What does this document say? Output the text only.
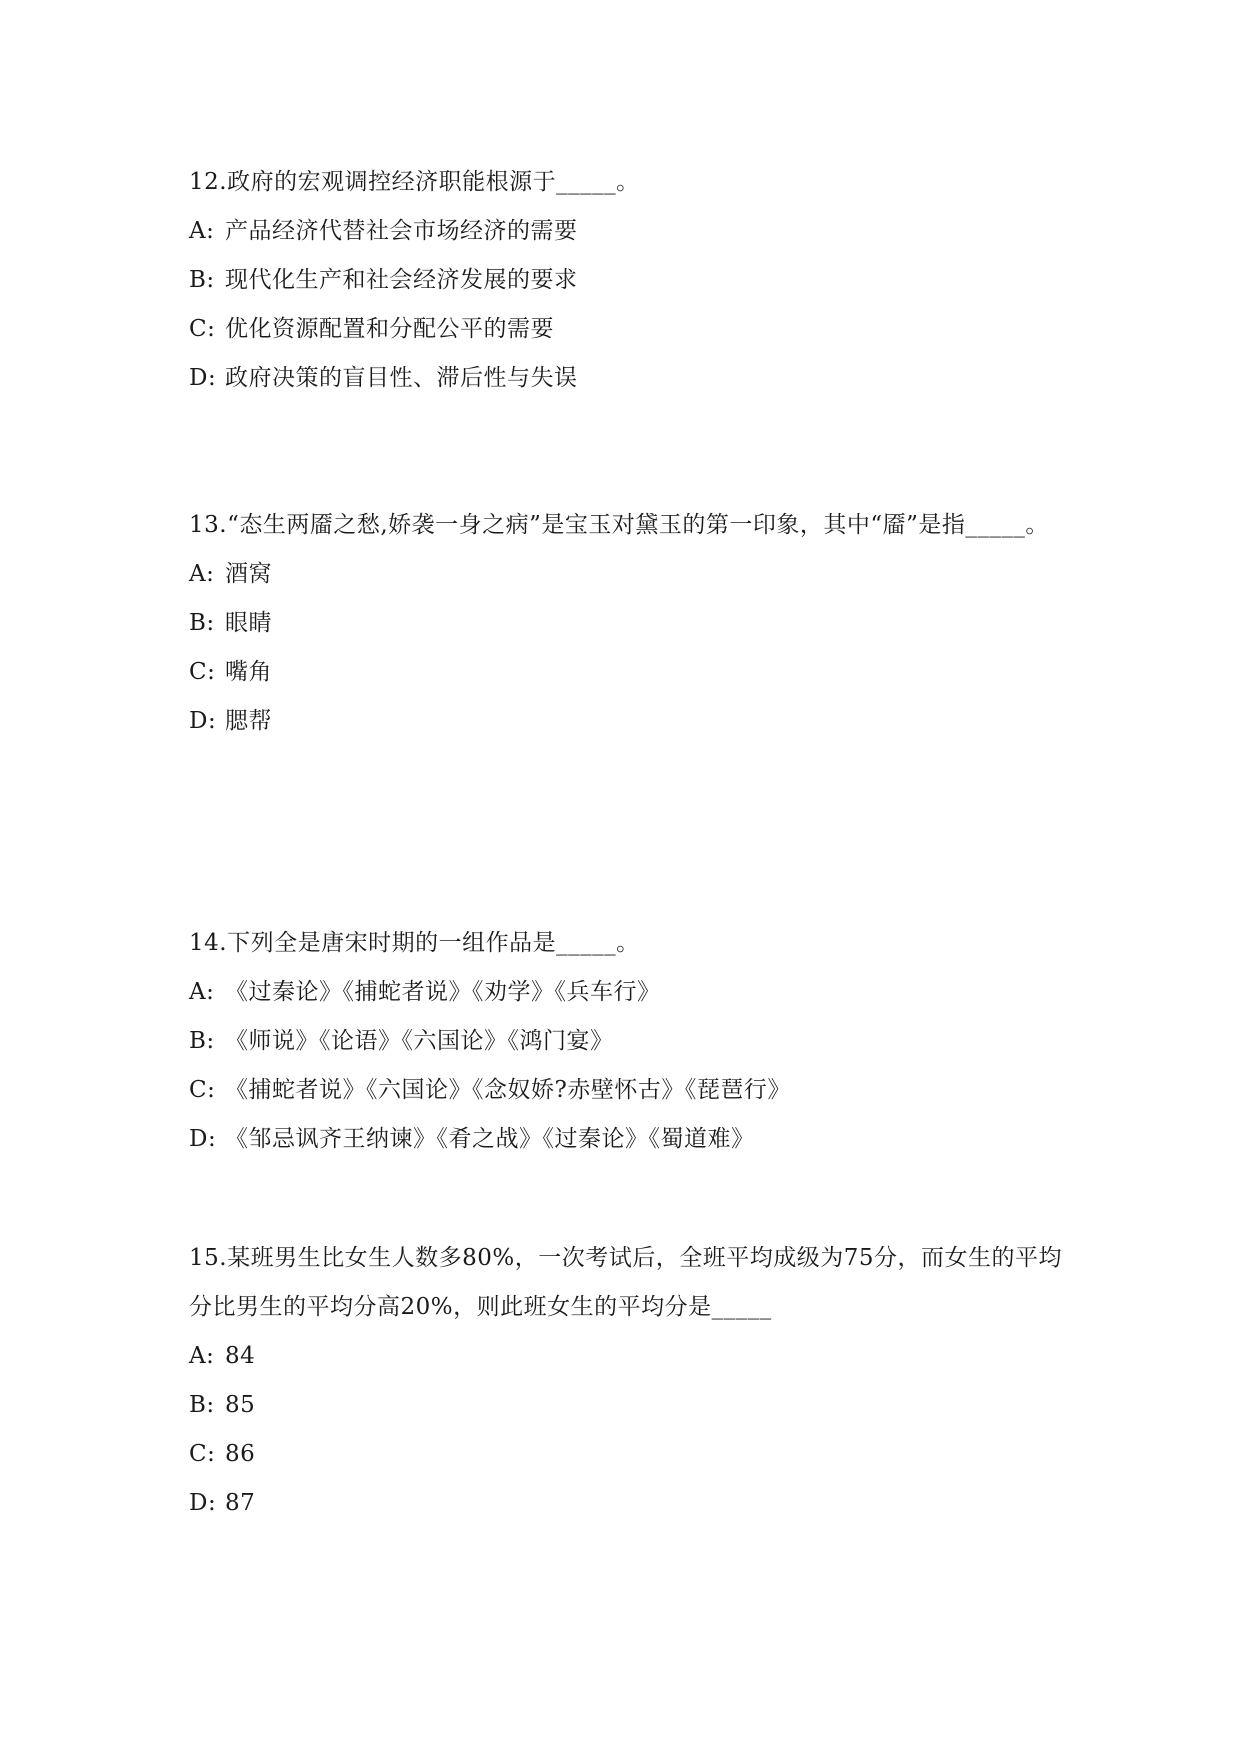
12.政府的宏观调控经济职能根源于_____。

A: 产品经济代替社会市场经济的需要
B: 现代化生产和社会经济发展的要求
C: 优化资源配置和分配公平的需要
D: 政府决策的盲目性、滞后性与失误

13.“态生两靥之愁,娇袭一身之病”是宝玉对黛玉的第一印象，其中“靥”是指_____。

A: 酒窝
B: 眼睛
C: 嘴角
D: 腮帮

14.下列全是唐宋时期的一组作品是_____。

A: 《过秦论》《捕蛇者说》《劝学》《兵车行》
B: 《师说》《论语》《六国论》《鸿门宴》
C: 《捕蛇者说》《六国论》《念奴娇?赤壁怀古》《琵琶行》
D: 《邹忌讽齐王纳谏》《肴之战》《过秦论》《蜀道难》

15.某班男生比女生人数多80%，一次考试后，全班平均成级为75分，而女生的平均分比男生的平均分高20%，则此班女生的平均分是_____

A: 84
B: 85
C: 86
D: 87
